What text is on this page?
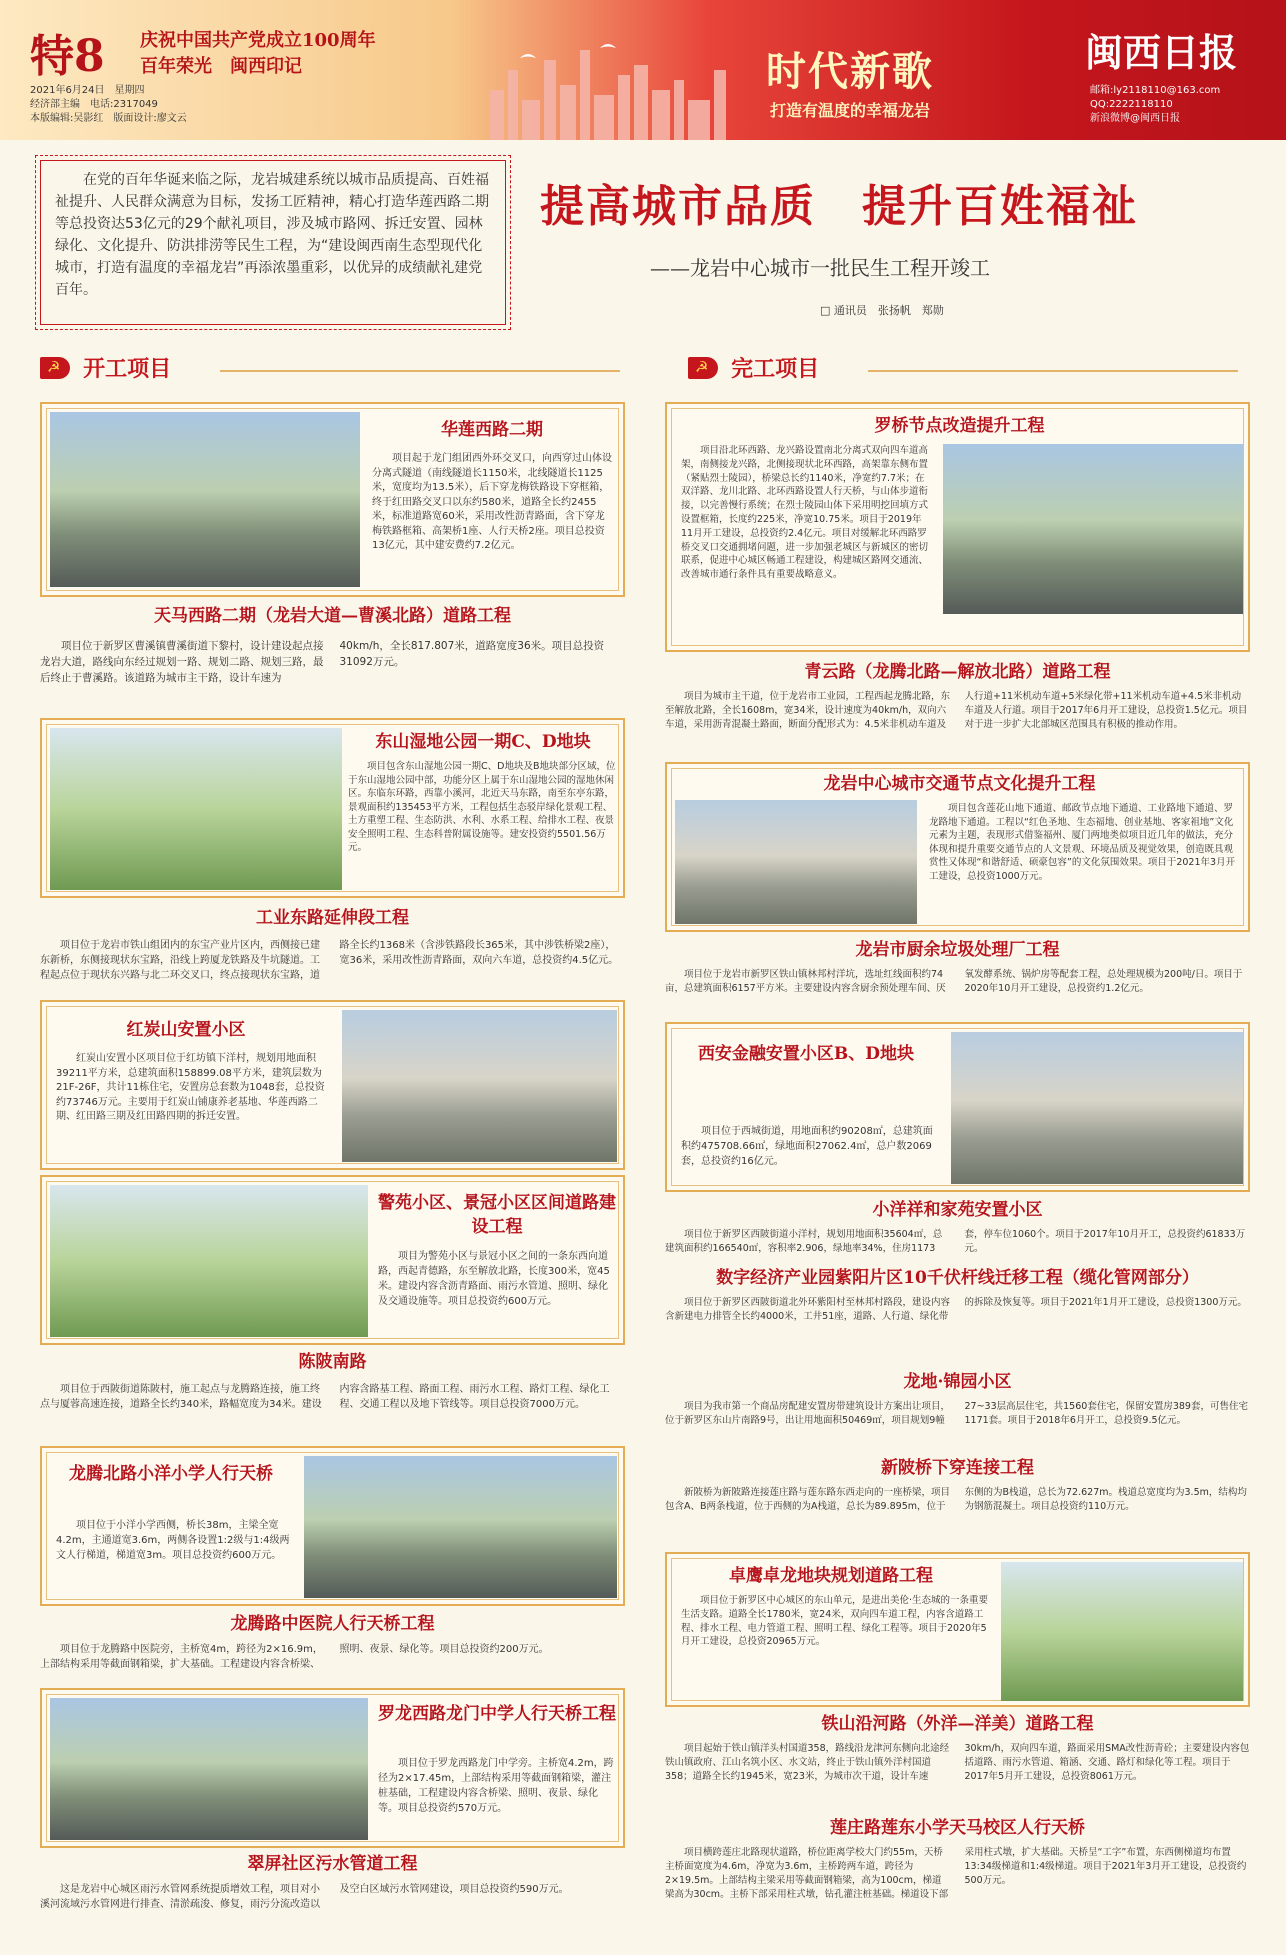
特8 庆祝中国共产党成立100周年
百年荣光　闽西印记
2021年6月24日　星期四
经济部主编　电话:2317049
本版编辑:吴影红　版面设计:廖文云
时代新歌
打造有温度的幸福龙岩
闽西日报
邮箱:ly2118110@163.com
QQ:2222118110
新浪微博@闽西日报
在党的百年华诞来临之际，龙岩城建系统以城市品质提高、百姓福祉提升、人民群众满意为目标，发扬工匠精神，精心打造华莲西路二期等总投资达53亿元的29个献礼项目，涉及城市路网、拆迁安置、园林绿化、文化提升、防洪排涝等民生工程，为“建设闽西南生态型现代化城市，打造有温度的幸福龙岩”再添浓墨重彩，以优异的成绩献礼建党百年。
提高城市品质　提升百姓福祉
——龙岩中心城市一批民生工程开竣工
□ 通讯员　张扬帆　郑勋
☭ 开工项目
☭	完工项目
华莲西路二期
项目起于龙门组团西外环交叉口，向西穿过山体设分离式隧道（南线隧道长1150米，北线隧道长1125米，宽度均为13.5米），后下穿龙梅铁路设下穿框箱，终于红田路交叉口以东约580米，道路全长约2455米，标准道路宽60米，采用改性沥青路面，含下穿龙梅铁路框箱、高架桥1座、人行天桥2座。项目总投资13亿元，其中建安费约7.2亿元。
天马西路二期（龙岩大道—曹溪北路）道路工程
项目位于新罗区曹溪镇曹溪街道下黎村，设计建设起点接龙岩大道，路线向东经过规划一路、规划二路、规划三路，最后终止于曹溪路。该道路为城市主干路，设计车速为40km/h，全长817.807米，道路宽度36米。项目总投资31092万元。
东山湿地公园一期C、D地块
项目包含东山湿地公园一期C、D地块及B地块部分区域，位于东山湿地公园中部，功能分区上属于东山湿地公园的湿地休闲区。东临东环路，西靠小溪河，北近天马东路，南至东亭东路，景观面积约135453平方米，工程包括生态驳岸绿化景观工程、土方重塑工程、生态防洪、水利、水系工程、给排水工程、夜景安全照明工程、生态科普附属设施等。建安投资约5501.56万元。
工业东路延伸段工程
项目位于龙岩市铁山组团内的东宝产业片区内，西侧接已建东新桥，东侧接现状东宝路，沿线上跨厦龙铁路及牛坑隧道。工程起点位于现状东兴路与北二环交叉口，终点接现状东宝路，道路全长约1368米（含涉铁路段长365米，其中涉铁桥梁2座），宽36米，采用改性沥青路面，双向六车道，总投资约4.5亿元。
红炭山安置小区
红炭山安置小区项目位于红坊镇下洋村，规划用地面积39211平方米，总建筑面积158899.08平方米，建筑层数为21F-26F，共计11栋住宅，安置房总套数为1048套，总投资约73746万元。主要用于红炭山铺康养老基地、华莲西路二期、红田路三期及红田路四期的拆迁安置。
警苑小区、景冠小区区间道路建设工程
项目为警苑小区与景冠小区之间的一条东西向道路，西起青德路，东至解放北路，长度300米，宽45米。建设内容含沥青路面、雨污水管道、照明、绿化及交通设施等。项目总投资约600万元。
陈陂南路
项目位于西陂街道陈陂村，施工起点与龙腾路连接，施工终点与厦蓉高速连接，道路全长约340米，路幅宽度为34米。建设内容含路基工程、路面工程、雨污水工程、路灯工程、绿化工程、交通工程以及地下管线等。项目总投资7000万元。
龙腾北路小洋小学人行天桥
项目位于小洋小学西侧，桥长38m，主梁全宽4.2m，主通道宽3.6m，两侧各设置1:2级与1:4级两文人行梯道，梯道宽3m。项目总投资约600万元。
龙腾路中医院人行天桥工程
项目位于龙腾路中医院旁，主桥宽4m，跨径为2×16.9m，上部结构采用等截面钢箱梁，扩大基础。工程建设内容含桥梁、照明、夜景、绿化等。项目总投资约200万元。
罗龙西路龙门中学人行天桥工程
项目位于罗龙西路龙门中学旁。主桥宽4.2m，跨径为2×17.45m，上部结构采用等截面钢箱梁，灌注桩基础，工程建设内容含桥梁、照明、夜景、绿化等。项目总投资约570万元。
翠屏社区污水管道工程
这是龙岩中心城区雨污水管网系统提质增效工程，项目对小溪河流域污水管网进行排查、清淤疏浚、修复，雨污分流改造以及空白区域污水管网建设，项目总投资约590万元。
罗桥节点改造提升工程
项目沿北环西路、龙兴路设置南北分离式双向四车道高架，南侧接龙兴路，北侧接现状北环西路，高架靠东侧布置（紧贴烈士陵园），桥梁总长约1140米，净宽约7.7米；在双洋路、龙川北路、北环西路设置人行天桥，与山体步道衔接，以完善慢行系统；在烈士陵园山体下采用明挖回填方式设置框箱，长度约225米，净宽10.75米。项目于2019年11月开工建设，总投资约2.4亿元。项目对缓解北环西路罗桥交叉口交通拥堵问题，进一步加强老城区与新城区的密切联系，促进中心城区畅通工程建设，构建城区路网交通流、改善城市通行条件具有重要战略意义。
青云路（龙腾北路—解放北路）道路工程
项目为城市主干道，位于龙岩市工业园，工程西起龙腾北路，东至解放北路，全长1608m，宽34米，设计速度为40km/h，双向六车道，采用沥青混凝土路面，断面分配形式为：4.5米非机动车道及人行道+11米机动车道+5米绿化带+11米机动车道+4.5米非机动车道及人行道。项目于2017年6月开工建设，总投资1.5亿元。项目对于进一步扩大北部城区范围具有积极的推动作用。
龙岩中心城市交通节点文化提升工程
项目包含莲花山地下通道、邮政节点地下通道、工业路地下通道、罗龙路地下通道。工程以“红色圣地、生态福地、创业基地、客家祖地”文化元素为主题，表现形式借鉴福州、厦门两地类似项目近几年的做法，充分体现和提升重要交通节点的人文景观、环境品质及视觉效果，创造既具观赏性又体现“和谐舒适、硕豪包容”的文化氛围效果。项目于2021年3月开工建设，总投资1000万元。
龙岩市厨余垃圾处理厂工程
项目位于龙岩市新罗区铁山镇林邦村洋坑，选址红线面积约74亩，总建筑面积6157平方米。主要建设内容含厨余预处理车间、厌氧发酵系统、锅炉房等配套工程，总处理规模为200吨/日。项目于2020年10月开工建设，总投资约1.2亿元。
西安金融安置小区B、D地块
项目位于西城街道，用地面积约90208㎡，总建筑面积约475708.66㎡，绿地面积27062.4㎡，总户数2069套，总投资约16亿元。
小洋祥和家苑安置小区
项目位于新罗区西陂街道小洋村，规划用地面积35604㎡，总建筑面积约166540㎡，容积率2.906，绿地率34%，住房1173套，停车位1060个。项目于2017年10月开工，总投资约61833万元。
数字经济产业园紫阳片区10千伏杆线迁移工程（缆化管网部分）
项目位于新罗区西陂街道北外环紫阳村至林邦村路段，建设内容含新建电力排管全长约4000米，工井51座，道路、人行道、绿化带的拆除及恢复等。项目于2021年1月开工建设，总投资1300万元。
龙地·锦园小区
项目为我市第一个商品房配建安置房带建筑设计方案出让项目，位于新罗区东山片南路9号，出让用地面积50469㎡，项目规划9幢27~33层高层住宅，共1560套住宅，保留安置房389套，可售住宅1171套。项目于2018年6月开工，总投资9.5亿元。
新陂桥下穿连接工程
新陂桥为新陂路连接莲庄路与莲东路东西走向的一座桥梁，项目包含A、B两条栈道，位于西侧的为A栈道，总长为89.895m，位于东侧的为B栈道，总长为72.627m。栈道总宽度均为3.5m，结构均为钢筋混凝土。项目总投资约110万元。
卓鹰卓龙地块规划道路工程
项目位于新罗区中心城区的东山单元，是进出美伦·生态城的一条重要生活支路。道路全长1780米，宽24米，双向四车道工程，内容含道路工程、排水工程、电力管道工程、照明工程、绿化工程等。项目于2020年5月开工建设，总投资20965万元。
铁山沿河路（外洋—洋美）道路工程
项目起始于铁山镇洋头村国道358，路线沿龙津河东侧向北途经铁山镇政府、江山名筑小区、水文站，终止于铁山镇外洋村国道358；道路全长约1945米，宽23米，为城市次干道，设计车速30km/h，双向四车道，路面采用SMA改性沥青砼；主要建设内容包括道路、雨污水管道、箱涵、交通、路灯和绿化等工程。项目于2017年5月开工建设，总投资8061万元。
莲庄路莲东小学天马校区人行天桥
项目横跨莲庄北路现状道路，桥位距离学校大门约55m，天桥主桥面宽度为4.6m，净宽为3.6m，主桥跨两车道，跨径为2×19.5m。上部结构主梁采用等截面钢箱梁，高为100cm，梯道梁高为30cm。主桥下部采用柱式墩，钻孔灌注桩基础。梯道设下部采用柱式墩，扩大基础。天桥呈“工字”布置，东西侧梯道均布置13:34级梯道和1:4级梯道。项目于2021年3月开工建设，总投资约500万元。
